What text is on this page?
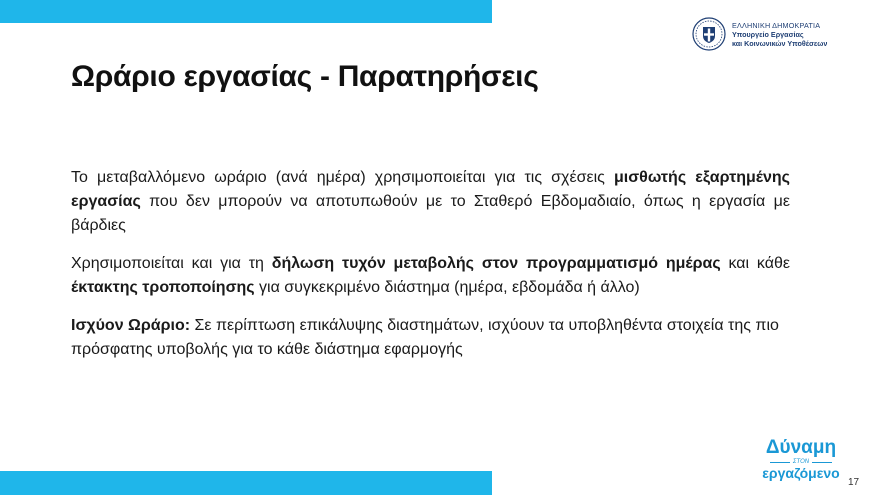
ΕΛΛΗΝΙΚΗ ΔΗΜΟΚΡΑΤΙΑ
Υπουργείο Εργασίας
και Κοινωνικών Υποθέσεων
Ωράριο εργασίας - Παρατηρήσεις

Το μεταβαλλόμενο ωράριο (ανά ημέρα) χρησιμοποιείται για τις σχέσεις μισθωτής εξαρτημένης εργασίας που δεν μπορούν να αποτυπωθούν με το Σταθερό Εβδομαδιαίο, όπως η εργασία με βάρδιες

Χρησιμοποιείται και για τη δήλωση τυχόν μεταβολής στον προγραμματισμό ημέρας και κάθε έκτακτης τροποποίησης για συγκεκριμένο διάστημα (ημέρα, εβδομάδα ή άλλο)

Ισχύον Ωράριο: Σε περίπτωση επικάλυψης διαστημάτων, ισχύουν τα υποβληθέντα στοιχεία της πιο πρόσφατης υποβολής για το κάθε διάστημα εφαρμογής

Δύναμη
ΣΤΟΝ
εργαζόμενο
17
